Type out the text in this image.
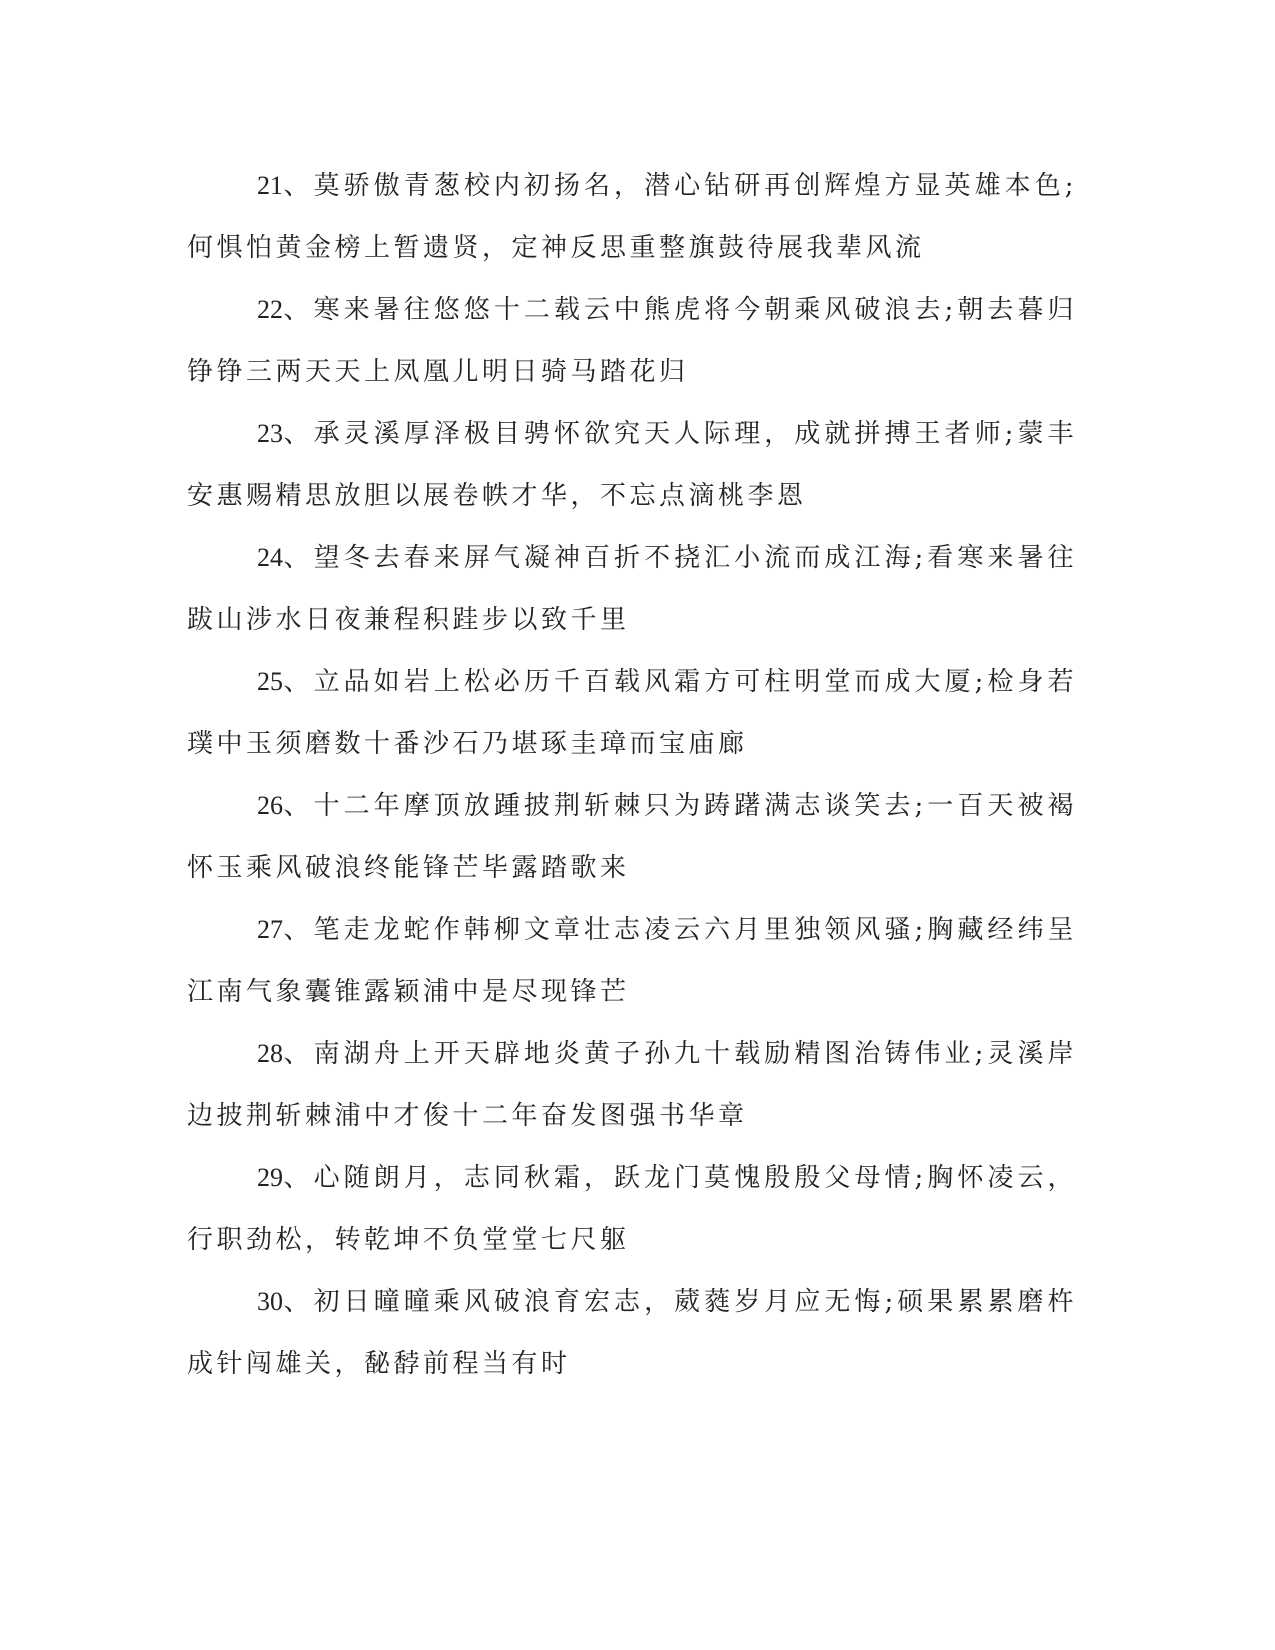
21、莫骄傲青葱校内初扬名，潜心钻研再创辉煌方显英雄本色;何惧怕黄金榜上暂遗贤，定神反思重整旗鼓待展我辈风流

22、寒来暑往悠悠十二载云中熊虎将今朝乘风破浪去;朝去暮归铮铮三两天天上凤凰儿明日骑马踏花归

23、承灵溪厚泽极目骋怀欲究天人际理，成就拼搏王者师;蒙丰安惠赐精思放胆以展卷帙才华，不忘点滴桃李恩

24、望冬去春来屏气凝神百折不挠汇小流而成江海;看寒来暑往跋山涉水日夜兼程积跬步以致千里

25、立品如岩上松必历千百载风霜方可柱明堂而成大厦;检身若璞中玉须磨数十番沙石乃堪琢圭璋而宝庙廊

26、十二年摩顶放踵披荆斩棘只为踌躇满志谈笑去;一百天被褐怀玉乘风破浪终能锋芒毕露踏歌来

27、笔走龙蛇作韩柳文章壮志凌云六月里独领风骚;胸藏经纬呈江南气象囊锥露颖浦中是尽现锋芒

28、南湖舟上开天辟地炎黄子孙九十载励精图治铸伟业;灵溪岸边披荆斩棘浦中才俊十二年奋发图强书华章

29、心随朗月，志同秋霜，跃龙门莫愧殷殷父母情;胸怀凌云，行职劲松，转乾坤不负堂堂七尺躯

30、初日曈曈乘风破浪育宏志，葳蕤岁月应无悔;硕果累累磨杵成针闯雄关，馝馞前程当有时
